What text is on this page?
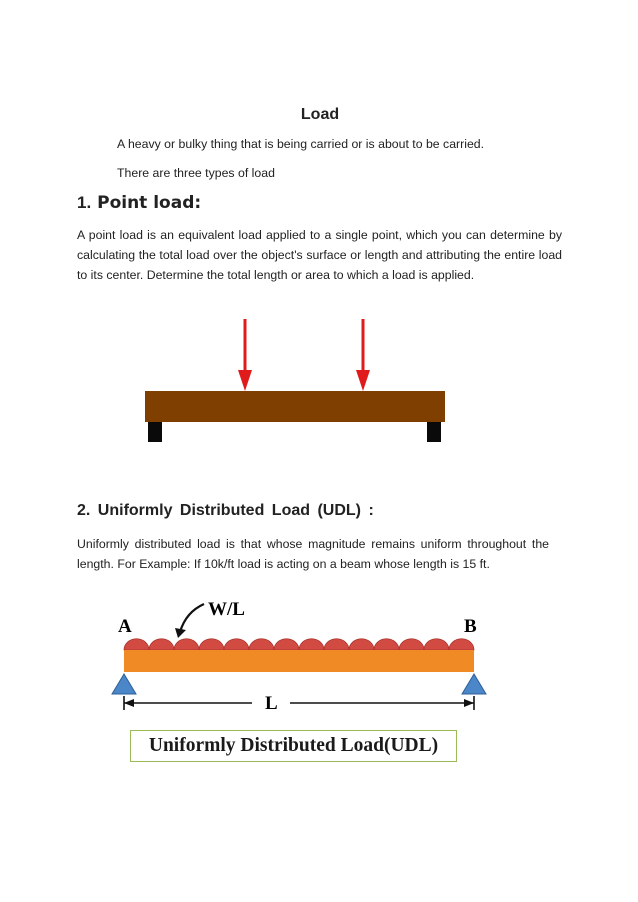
Load
A heavy or bulky thing that is being carried or is about to be carried.
There are three types of load
1. Point load:
A point load is an equivalent load applied to a single point, which you can determine by calculating the total load over the object's surface or length and attributing the entire load to its center. Determine the total length or area to which a load is applied.
2. Uniformly Distributed Load (UDL) :
Uniformly distributed load is that whose magnitude remains uniform throughout the length. For Example: If 10k/ft load is acting on a beam whose length is 15 ft.
A	B
W/L
L
Uniformly Distributed Load(UDL)
